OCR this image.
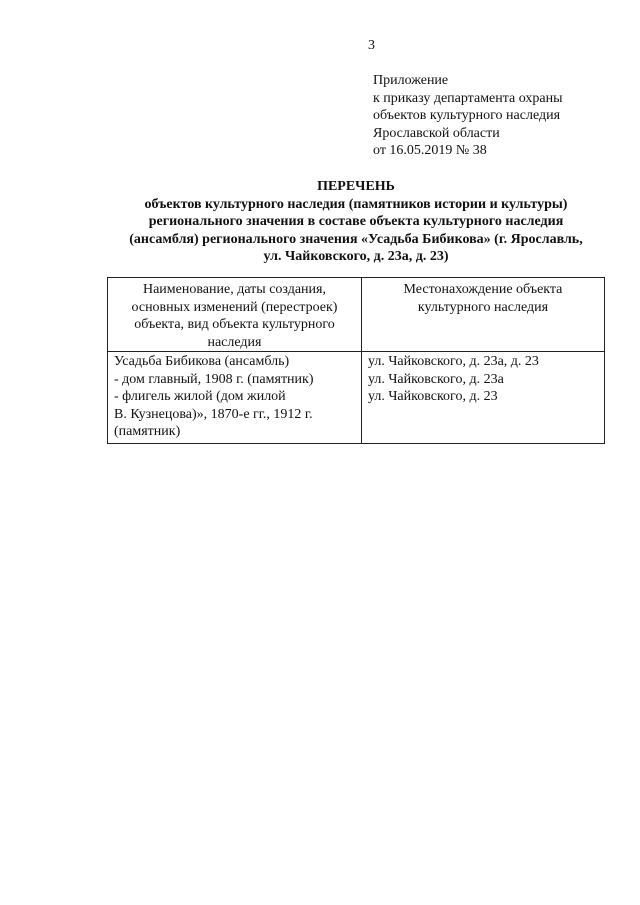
3
Приложение
к приказу департамента охраны
объектов культурного наследия
Ярославской области
от 16.05.2019 № 38
ПЕРЕЧЕНЬ
объектов культурного наследия (памятников истории и культуры)
регионального значения в составе объекта культурного наследия
(ансамбля) регионального значения «Усадьба Бибикова» (г. Ярославль,
ул. Чайковского, д. 23а, д. 23)
Наименование, даты создания,
основных изменений (перестроек)
объекта, вид объекта культурного
наследия	Местонахождение объекта
культурного наследия

Усадьба Бибикова (ансамбль)
- дом главный, 1908 г. (памятник)
- флигель жилой (дом жилой
В. Кузнецова)», 1870-е гг., 1912 г.
(памятник)	ул. Чайковского, д. 23а, д. 23
ул. Чайковского, д. 23а
ул. Чайковского, д. 23
